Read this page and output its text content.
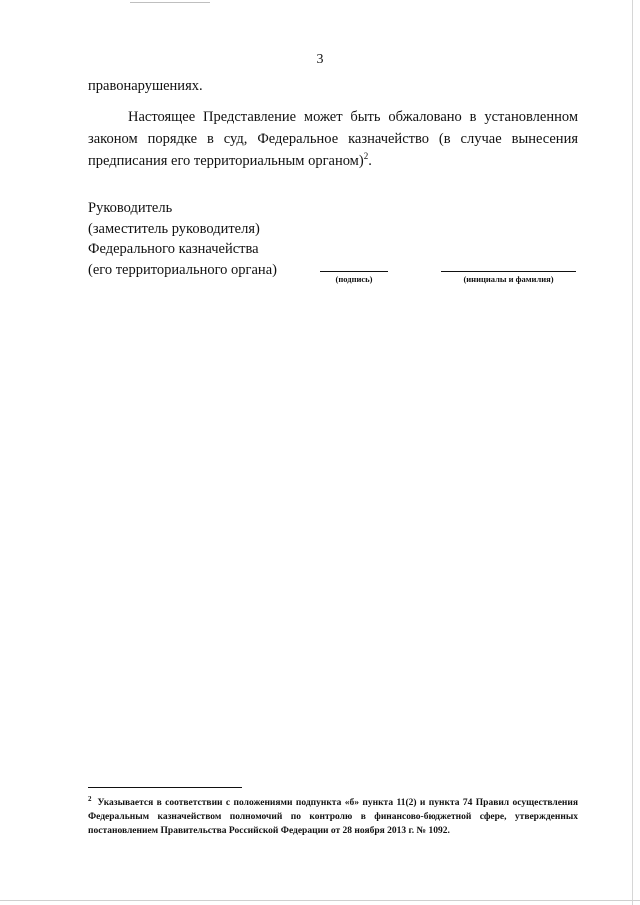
3
правонарушениях.
Настоящее Представление может быть обжаловано в установленном законом порядке в суд, Федеральное казначейство (в случае вынесения предписания его территориальным органом)$^2$.
Руководитель
(заместитель руководителя)
Федерального казначейства
(его территориального органа)
(подпись)	(инициалы и фамилия)
$^2$ Указывается в соответствии с положениями подпункта «б» пункта 11(2) и пункта 74 Правил осуществления Федеральным казначейством полномочий по контролю в финансово-бюджетной сфере, утвержденных постановлением Правительства Российской Федерации от 28 ноября 2013 г. № 1092.
